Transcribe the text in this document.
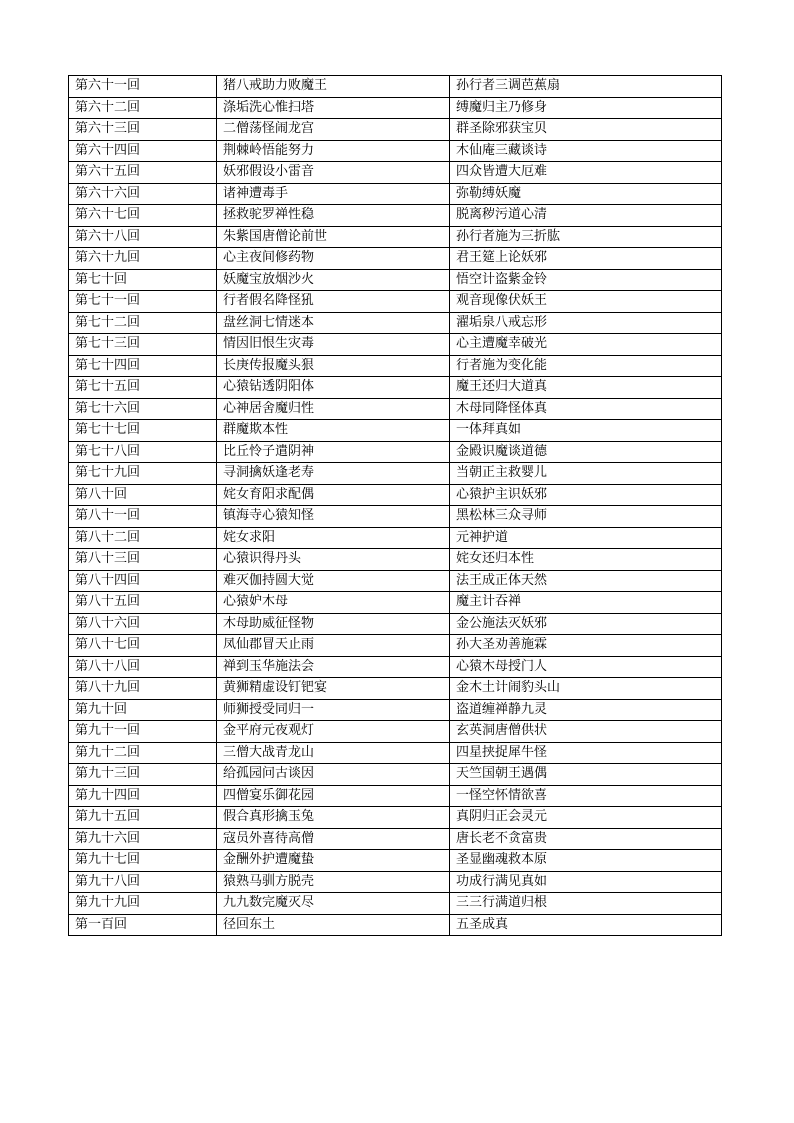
第六十一回	猪八戒助力败魔王	孙行者三调芭蕉扇
第六十二回	涤垢洗心惟扫塔	缚魔归主乃修身
第六十三回	二僧荡怪闹龙宫	群圣除邪获宝贝
第六十四回	荆棘岭悟能努力	木仙庵三藏谈诗
第六十五回	妖邪假设小雷音	四众皆遭大厄难
第六十六回	诸神遭毒手	弥勒缚妖魔
第六十七回	拯救驼罗禅性稳	脱离秽污道心清
第六十八回	朱紫国唐僧论前世	孙行者施为三折肱
第六十九回	心主夜间修药物	君王筵上论妖邪
第七十回	妖魔宝放烟沙火	悟空计盗紫金铃
第七十一回	行者假名降怪犼	观音现像伏妖王
第七十二回	盘丝洞七情迷本	濯垢泉八戒忘形
第七十三回	情因旧恨生灾毒	心主遭魔幸破光
第七十四回	长庚传报魔头狠	行者施为变化能
第七十五回	心猿钻透阴阳体	魔王还归大道真
第七十六回	心神居舍魔归性	木母同降怪体真
第七十七回	群魔欺本性	一体拜真如
第七十八回	比丘怜子遣阴神	金殿识魔谈道德
第七十九回	寻洞擒妖逢老寿	当朝正主救婴儿
第八十回	姹女育阳求配偶	心猿护主识妖邪
第八十一回	镇海寺心猿知怪	黑松林三众寻师
第八十二回	姹女求阳	元神护道
第八十三回	心猿识得丹头	姹女还归本性
第八十四回	难灭伽持圆大觉	法王成正体天然
第八十五回	心猿妒木母	魔主计吞禅
第八十六回	木母助威征怪物	金公施法灭妖邪
第八十七回	凤仙郡冒天止雨	孙大圣劝善施霖
第八十八回	禅到玉华施法会	心猿木母授门人
第八十九回	黄狮精虚设钉钯宴	金木土计闹豹头山
第九十回	师狮授受同归一	盗道缠禅静九灵
第九十一回	金平府元夜观灯	玄英洞唐僧供状
第九十二回	三僧大战青龙山	四星挟捉犀牛怪
第九十三回	给孤园问古谈因	天竺国朝王遇偶
第九十四回	四僧宴乐御花园	一怪空怀情欲喜
第九十五回	假合真形擒玉兔	真阴归正会灵元
第九十六回	寇员外喜待高僧	唐长老不贪富贵
第九十七回	金酬外护遭魔蛰	圣显幽魂救本原
第九十八回	猿熟马驯方脱壳	功成行满见真如
第九十九回	九九数完魔灭尽	三三行满道归根
第一百回	径回东土	五圣成真
